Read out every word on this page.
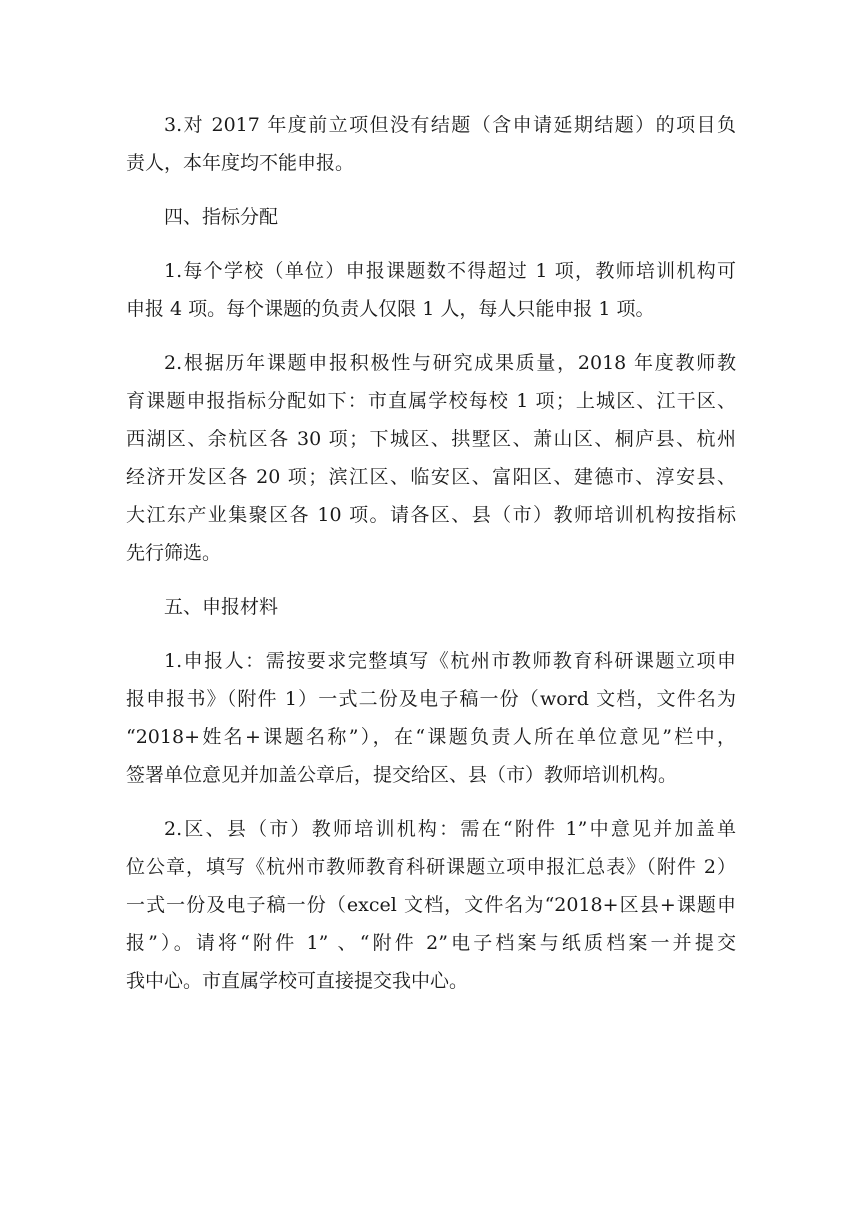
3.对 2017 年度前立项但没有结题（含申请延期结题）的项目负
责人，本年度均不能申报。
四、指标分配
1.每个学校（单位）申报课题数不得超过 1 项，教师培训机构可
申报 4 项。每个课题的负责人仅限 1 人，每人只能申报 1 项。
2.根据历年课题申报积极性与研究成果质量，2018 年度教师教
育课题申报指标分配如下：市直属学校每校 1 项；上城区、江干区、
西湖区、余杭区各 30 项；下城区、拱墅区、萧山区、桐庐县、杭州
经济开发区各 20 项；滨江区、临安区、富阳区、建德市、淳安县、
大江东产业集聚区各 10 项。请各区、县（市）教师培训机构按指标
先行筛选。
五、申报材料
1.申报人：需按要求完整填写《杭州市教师教育科研课题立项申
报申报书》（附件 1）一式二份及电子稿一份（word 文档，文件名为
“2018+姓名+课题名称”），在“课题负责人所在单位意见”栏中，
签署单位意见并加盖公章后，提交给区、县（市）教师培训机构。
2.区、县（市）教师培训机构：需在“附件 1”中意见并加盖单
位公章，填写《杭州市教师教育科研课题立项申报汇总表》（附件 2）
一式一份及电子稿一份（excel 文档，文件名为“2018+区县+课题申
报”）。请将“附件 1” 、“附件 2”电子档案与纸质档案一并提交
我中心。市直属学校可直接提交我中心。
